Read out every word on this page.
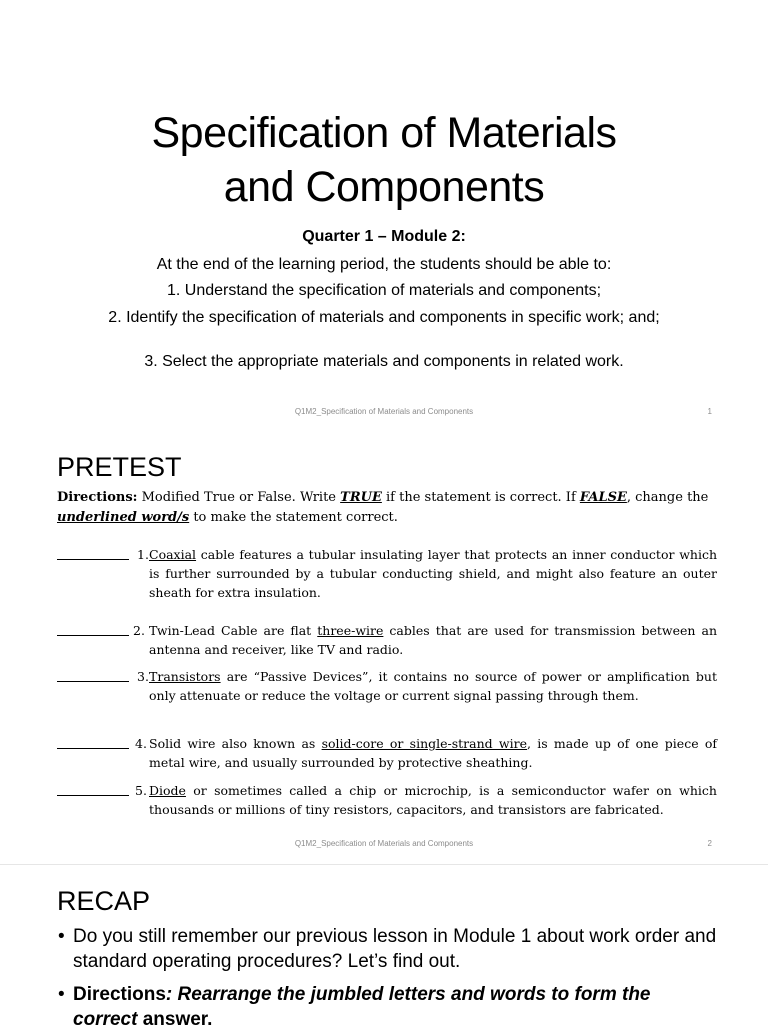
Specification of Materials
and Components
Quarter 1 – Module 2:
At the end of the learning period, the students should be able to:
1. Understand the specification of materials and components;
2. Identify the specification of materials and components in specific work; and;
3. Select the appropriate materials and components in related work.
Q1M2_Specification of Materials and Components	1
PRETEST
Directions: Modified True or False. Write TRUE if the statement is correct. If FALSE, change the underlined word/s to make the statement correct.
1. Coaxial cable features a tubular insulating layer that protects an inner conductor which is further surrounded by a tubular conducting shield, and might also feature an outer sheath for extra insulation.
2. Twin-Lead Cable are flat three-wire cables that are used for transmission between an antenna and receiver, like TV and radio.
3. Transistors are “Passive Devices”, it contains no source of power or amplification but only attenuate or reduce the voltage or current signal passing through them.
4. Solid wire also known as solid-core or single-strand wire, is made up of one piece of metal wire, and usually surrounded by protective sheathing.
5. Diode or sometimes called a chip or microchip, is a semiconductor wafer on which thousands or millions of tiny resistors, capacitors, and transistors are fabricated.
Q1M2_Specification of Materials and Components	2
RECAP
• Do you still remember our previous lesson in Module 1 about work order and standard operating procedures? Let’s find out.
• Directions: Rearrange the jumbled letters and words to form the correct answer.
